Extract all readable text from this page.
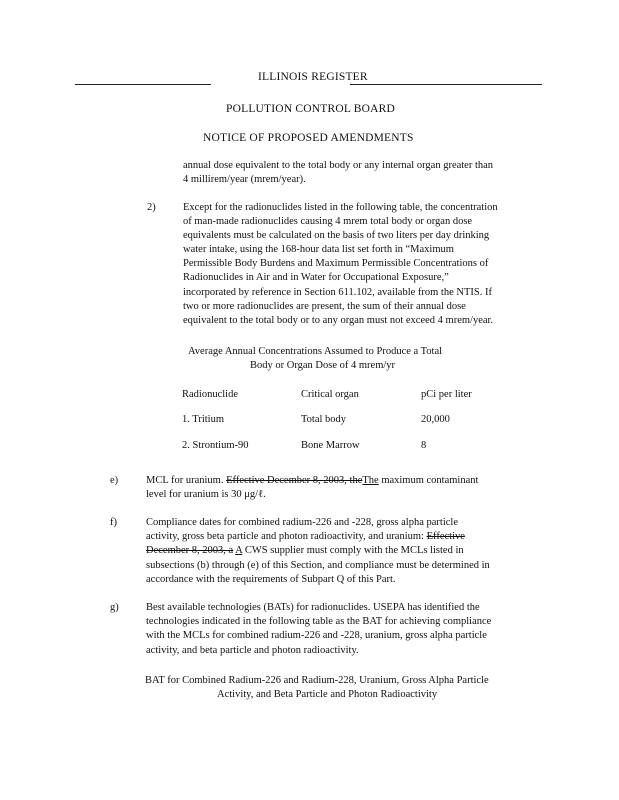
ILLINOIS REGISTER
POLLUTION CONTROL BOARD
NOTICE OF PROPOSED AMENDMENTS
annual dose equivalent to the total body or any internal organ greater than
4 millirem/year (mrem/year).
2)	Except for the radionuclides listed in the following table, the concentration
of man-made radionuclides causing 4 mrem total body or organ dose
equivalents must be calculated on the basis of two liters per day drinking
water intake, using the 168-hour data list set forth in “Maximum
Permissible Body Burdens and Maximum Permissible Concentrations of
Radionuclides in Air and in Water for Occupational Exposure,”
incorporated by reference in Section 611.102, available from the NTIS. If
two or more radionuclides are present, the sum of their annual dose
equivalent to the total body or to any organ must not exceed 4 mrem/year.
Average Annual Concentrations Assumed to Produce a Total
Body or Organ Dose of 4 mrem/yr
Radionuclide	Critical organ	pCi per liter
1. Tritium	Total body	20,000
2. Strontium-90	Bone Marrow	8
e)	MCL for uranium. Effective December 8, 2003, theThe maximum contaminant
level for uranium is 30 μg/ℓ.
f)	Compliance dates for combined radium-226 and -228, gross alpha particle
activity, gross beta particle and photon radioactivity, and uranium: Effective
December 8, 2003, a A CWS supplier must comply with the MCLs listed in
subsections (b) through (e) of this Section, and compliance must be determined in
accordance with the requirements of Subpart Q of this Part.
g)	Best available technologies (BATs) for radionuclides. USEPA has identified the
technologies indicated in the following table as the BAT for achieving compliance
with the MCLs for combined radium-226 and -228, uranium, gross alpha particle
activity, and beta particle and photon radioactivity.
BAT for Combined Radium-226 and Radium-228, Uranium, Gross Alpha Particle
Activity, and Beta Particle and Photon Radioactivity
